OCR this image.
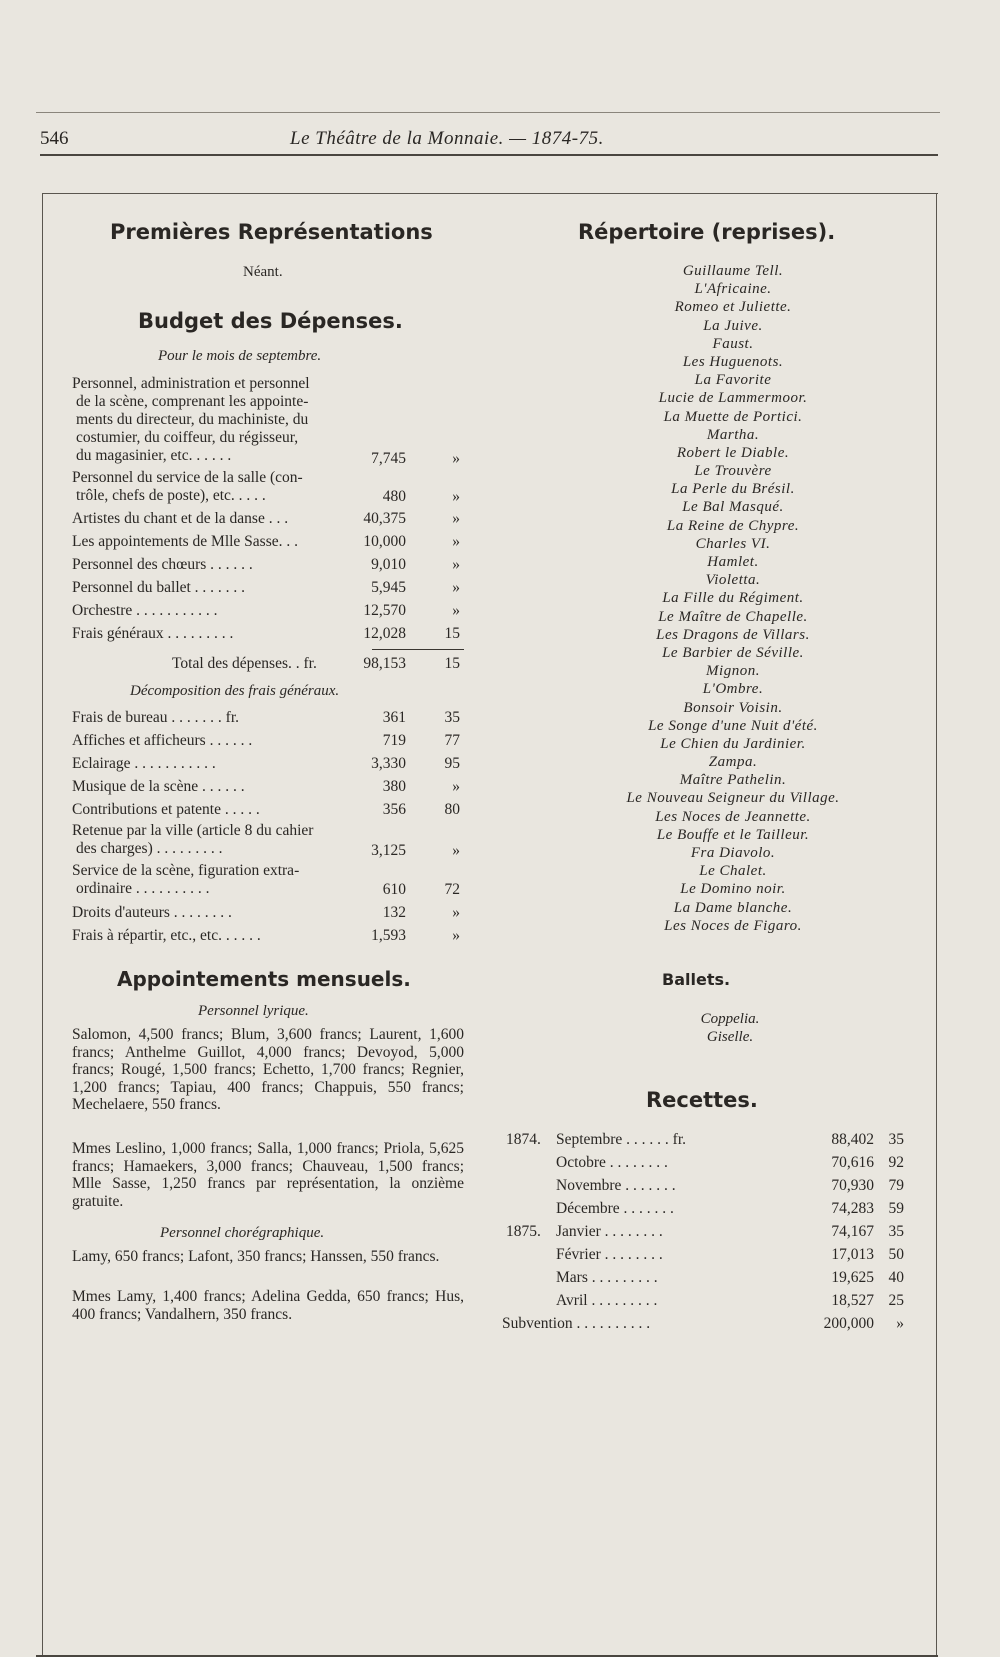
546	Le Théâtre de la Monnaie. — 1874-75.
Premières Représentations
Néant.
Budget des Dépenses.
Pour le mois de septembre.
Personnel, administration et personnel
de la scène, comprenant les appointe-
ments du directeur, du machiniste, du
costumier, du coiffeur, du régisseur,
du magasinier, etc. . . . . .	7,745	»
Personnel du service de la salle (con-
trôle, chefs de poste), etc. . . . .	480	»
Artistes du chant et de la danse . . .	40,375	»
Les appointements de Mlle Sasse. . .	10,000	»
Personnel des chœurs . . . . . .	9,010	»
Personnel du ballet . . . . . . .	5,945	»
Orchestre . . . . . . . . . . .	12,570	»
Frais généraux . . . . . . . . .	12,028 15
Total des dépenses. . fr.	98,153 15
Décomposition des frais généraux.
Frais de bureau . . . . . . . fr.	361 35
Affiches et afficheurs . . . . . .	719 77
Eclairage . . . . . . . . . . .	3,330 95
Musique de la scène . . . . . .	380	»
Contributions et patente . . . . .	356 80
Retenue par la ville (article 8 du cahier
des charges) . . . . . . . . .	3,125	»
Service de la scène, figuration extra-
ordinaire . . . . . . . . . .	610 72
Droits d'auteurs . . . . . . . .	132	»
Frais à répartir, etc., etc. . . . . .	1,593	»
Appointements mensuels.
Personnel lyrique.

Salomon, 4,500 francs; Blum, 3,600 francs; Laurent, 1,600 francs; Anthelme Guillot, 4,000 francs; Devoyod, 5,000 francs; Rougé, 1,500 francs; Echetto, 1,700 francs; Regnier, 1,200 francs; Tapiau, 400 francs; Chappuis, 550 francs; Mechelaere, 550 francs.

Mmes Leslino, 1,000 francs; Salla, 1,000 francs; Priola, 5,625 francs; Hamaekers, 3,000 francs; Chauveau, 1,500 francs; Mlle Sasse, 1,250 francs par représentation, la onzième gratuite.

Personnel chorégraphique.

Lamy, 650 francs; Lafont, 350 francs; Hanssen, 550 francs.

Mmes Lamy, 1,400 francs; Adelina Gedda, 650 francs; Hus, 400 francs; Vandalhern, 350 francs.

Répertoire (reprises).
Guillaume Tell.
L'Africaine.
Romeo et Juliette.
La Juive.
Faust.
Les Huguenots.
La Favorite
Lucie de Lammermoor.
La Muette de Portici.
Martha.
Robert le Diable.
Le Trouvère
La Perle du Brésil.
Le Bal Masqué.
La Reine de Chypre.
Charles VI.
Hamlet.
Violetta.
La Fille du Régiment.
Le Maître de Chapelle.
Les Dragons de Villars.
Le Barbier de Séville.
Mignon.
L'Ombre.
Bonsoir Voisin.
Le Songe d'une Nuit d'été.
Le Chien du Jardinier.
Zampa.
Maître Pathelin.
Le Nouveau Seigneur du Village.
Les Noces de Jeannette.
Le Bouffe et le Tailleur.
Fra Diavolo.
Le Chalet.
Le Domino noir.
La Dame blanche.
Les Noces de Figaro.
Ballets.
Coppelia.
Giselle.
Recettes.
1874. Septembre . . . . . . fr.	88,402 35
Octobre . . . . . . . .	70,616 92
Novembre . . . . . . .	70,930 79
Décembre . . . . . . .	74,283 59
1875. Janvier . . . . . . . .	74,167 35
Février . . . . . . . .	17,013 50
Mars . . . . . . . . .	19,625 40
Avril . . . . . . . . .	18,527 25
Subvention . . . . . . . . . .	200,000	»
